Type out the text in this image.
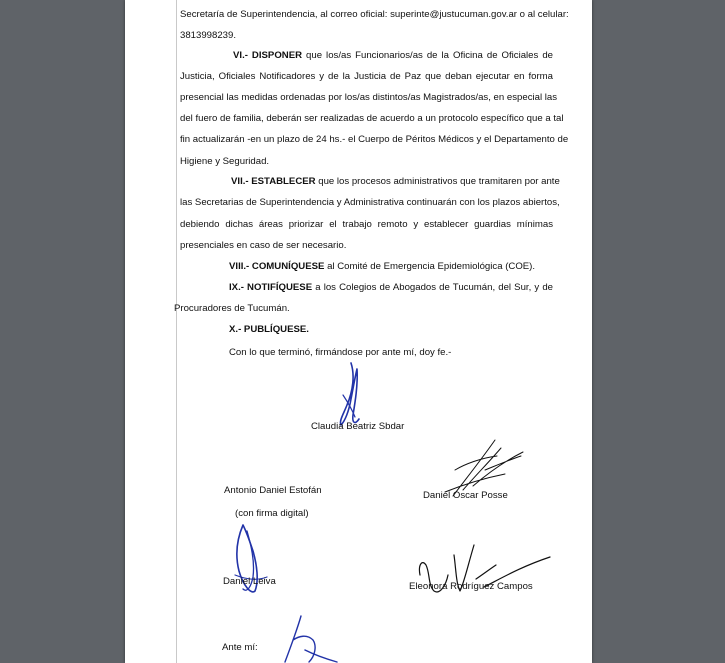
Secretaría de Superintendencia, al correo oficial: superinte@justucuman.gov.ar o al celular:
3813998239.
VI.- DISPONER que los/as Funcionarios/as de la Oficina de Oficiales de
Justicia, Oficiales Notificadores y de la Justicia de Paz que deban ejecutar en forma
presencial las medidas ordenadas por los/as distintos/as Magistrados/as, en especial las
del fuero de familia, deberán ser realizadas de acuerdo a un protocolo específico que a tal
fin actualizarán -en un plazo de 24 hs.- el Cuerpo de Péritos Médicos y el Departamento de
Higiene y Seguridad.
VII.- ESTABLECER que los procesos administrativos que tramitaren por ante
las Secretarias de Superintendencia y Administrativa continuarán con los plazos abiertos,
debiendo dichas áreas priorizar el trabajo remoto y establecer guardias mínimas
presenciales en caso de ser necesario.
VIII.- COMUNÍQUESE al Comité de Emergencia Epidemiológica (COE).
IX.- NOTIFÍQUESE a los Colegios de Abogados de Tucumán, del Sur, y de
Procuradores de Tucumán.
X.- PUBLÍQUESE.
Con lo que terminó, firmándose por ante mí, doy fe.-
Claudia Beatriz Sbdar
Antonio Daniel Estofán	Daniel Oscar Posse
(con firma digital)
Daniel Leiva	Eleonora Rodríguez Campos
Ante mí:
